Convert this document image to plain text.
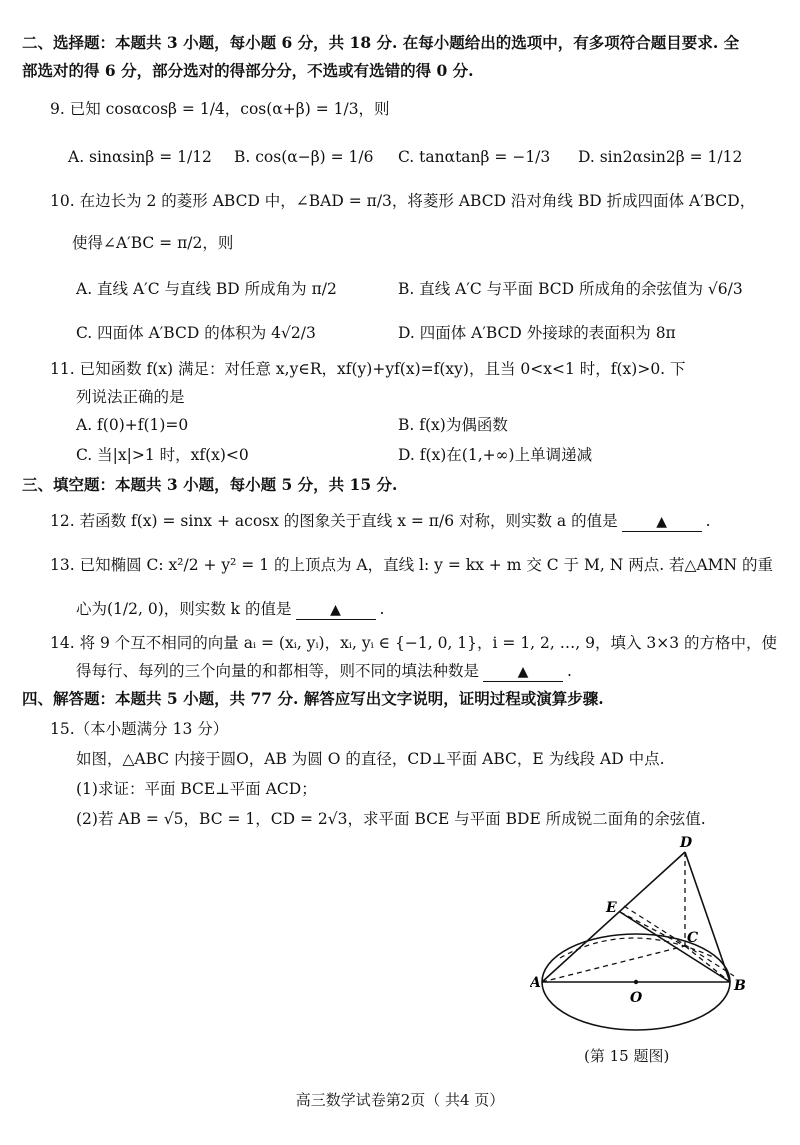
二、选择题：本题共 3 小题，每小题 6 分，共 18 分. 在每小题给出的选项中，有多项符合题目要求. 全
部选对的得 6 分，部分选对的得部分分，不选或有选错的得 0 分.
9. 已知 cosαcosβ = 1/4，cos(α+β) = 1/3，则
A. sinαsinβ = 1/12 B. cos(α−β) = 1/6 C. tanαtanβ = −1/3 D. sin2αsin2β = 1/12
10. 在边长为 2 的菱形 ABCD 中，∠BAD = π/3，将菱形 ABCD 沿对角线 BD 折成四面体 A′BCD，
使得∠A′BC = π/2，则
A. 直线 A′C 与直线 BD 所成角为 π/2	B. 直线 A′C 与平面 BCD 所成角的余弦值为 √6/3
C. 四面体 A′BCD 的体积为 4√2/3	D. 四面体 A′BCD 外接球的表面积为 8π
11. 已知函数 f(x) 满足：对任意 x,y∈R，xf(y)+yf(x)=f(xy)，且当 0<x<1 时，f(x)>0. 下
列说法正确的是
A. f(0)+f(1)=0	B. f(x)为偶函数
C. 当|x|>1 时，xf(x)<0	D. f(x)在(1,+∞)上单调递减
三、填空题：本题共 3 小题，每小题 5 分，共 15 分.
12. 若函数 f(x) = sinx + acosx 的图象关于直线 x = π/6 对称，则实数 a 的值是	▲ .
13. 已知椭圆 C: x²/2 + y² = 1 的上顶点为 A，直线 l: y = kx + m 交 C 于 M, N 两点. 若△AMN 的重
心为(1/2, 0)，则实数 k 的值是	▲ .
14. 将 9 个互不相同的向量 aᵢ = (xᵢ, yᵢ)，xᵢ, yᵢ ∈ {−1, 0, 1}，i = 1, 2, …, 9，填入 3×3 的方格中，使
得每行、每列的三个向量的和都相等，则不同的填法种数是	▲ .
四、解答题：本题共 5 小题，共 77 分. 解答应写出文字说明，证明过程或演算步骤.
15.（本小题满分 13 分）
如图，△ABC 内接于圆O，AB 为圆 O 的直径，CD⊥平面 ABC，E 为线段 AD 中点.
(1)求证：平面 BCE⊥平面 ACD；
(2)若 AB = √5，BC = 1，CD = 2√3，求平面 BCE 与平面 BDE 所成锐二面角的余弦值.
A	B
C
D
E
O
(第 15 题图)
高三数学试卷第2页（ 共4 页）
